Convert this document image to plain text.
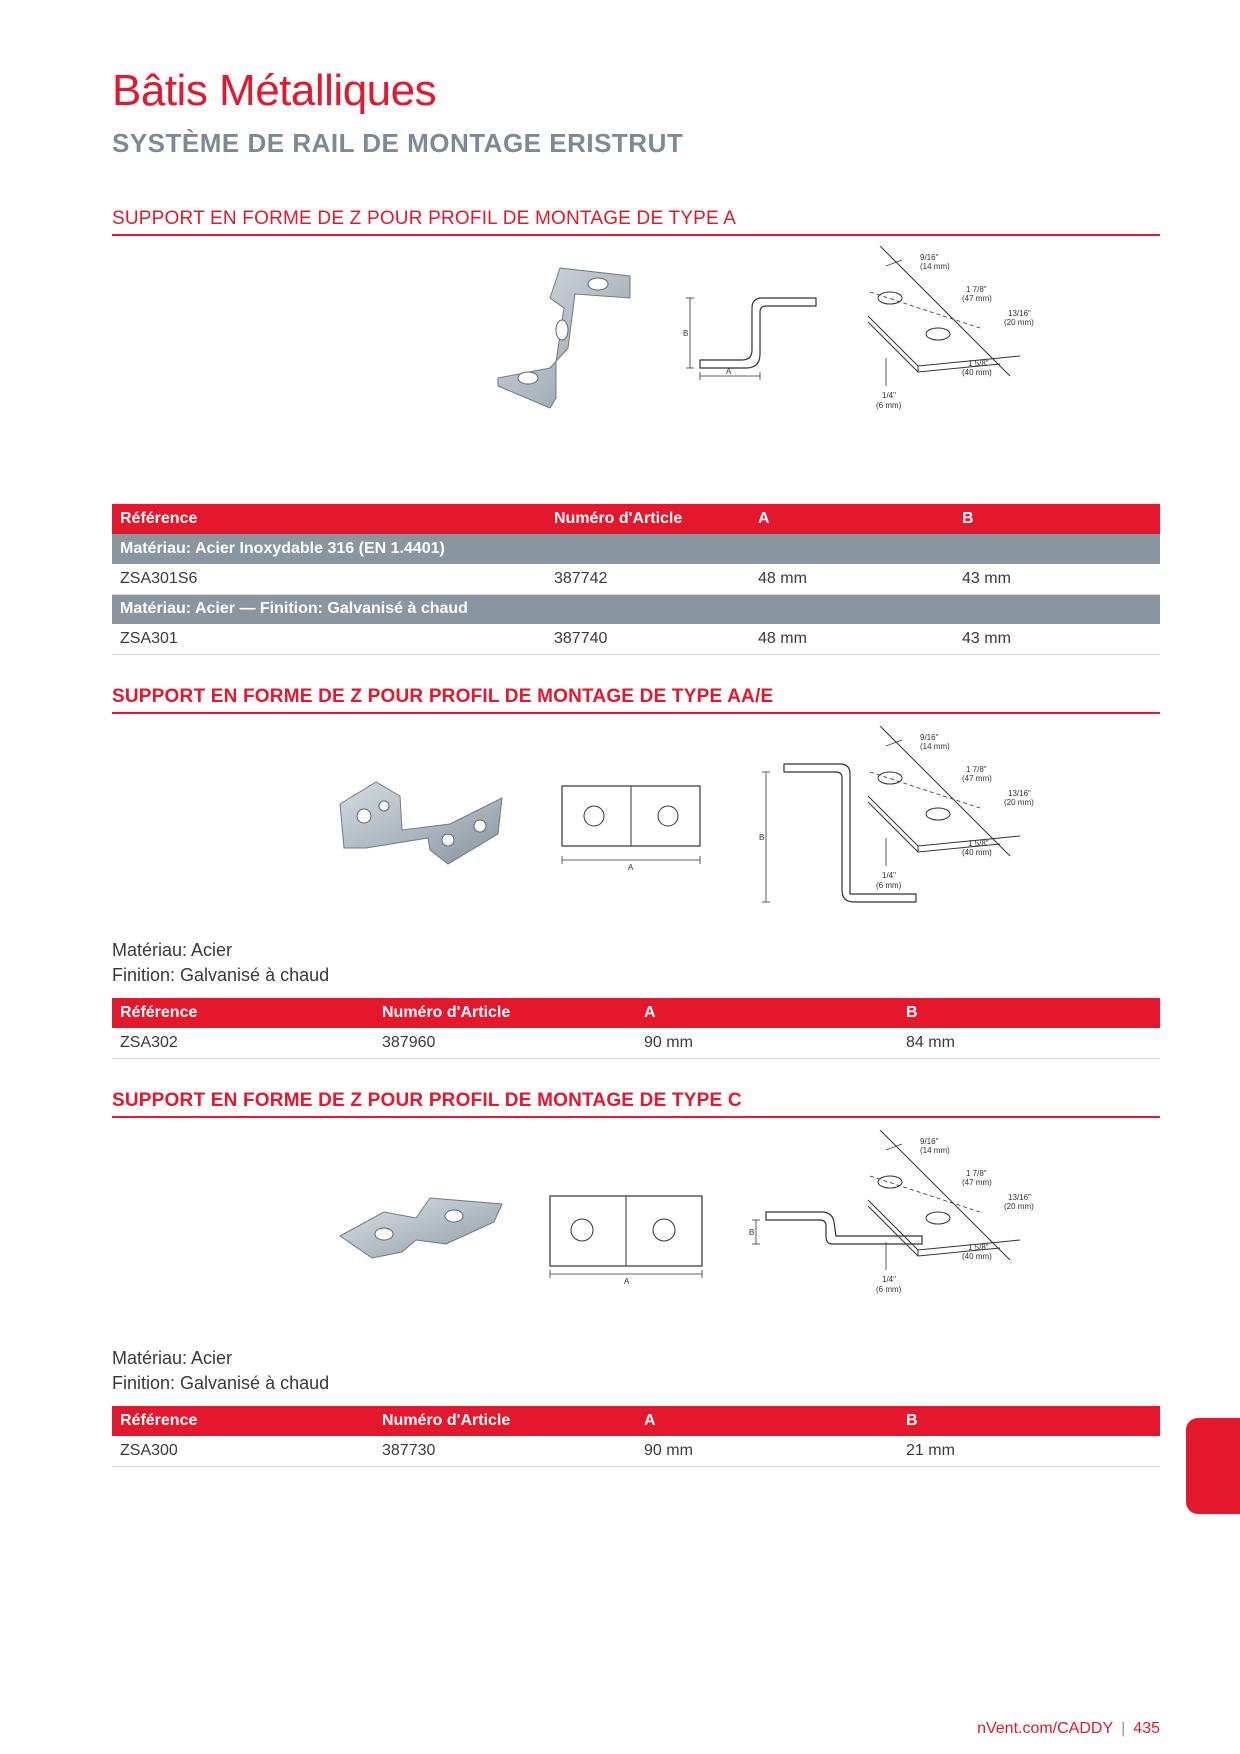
Bâtis Métalliques
SYSTÈME DE RAIL DE MONTAGE ERISTRUT
SUPPORT EN FORME DE Z POUR PROFIL DE MONTAGE DE TYPE A
B
A
9/16"
(14 mm)
1 7/8"
(47 mm)
13/16"
(20 mm)
1 5/8"
(40 mm)
1/4"
(6 mm)
Référence	Numéro d'Article	A	B
Matériau: Acier Inoxydable 316 (EN 1.4401)			
ZSA301S6	387742	48 mm	43 mm
Matériau: Acier — Finition: Galvanisé à chaud			
ZSA301	387740	48 mm	43 mm
SUPPORT EN FORME DE Z POUR PROFIL DE MONTAGE DE TYPE AA/E
A
B
9/16"
(14 mm)
1 7/8"
(47 mm)
13/16"
(20 mm)
1 5/8"
(40 mm)
1/4"
(6 mm)
Matériau: Acier
Finition: Galvanisé à chaud
Référence	Numéro d'Article	A	B
ZSA302	387960	90 mm	84 mm
SUPPORT EN FORME DE Z POUR PROFIL DE MONTAGE DE TYPE C
A
B
9/16"
(14 mm)
1 7/8"
(47 mm)
13/16"
(20 mm)
1 5/8"
(40 mm)
1/4"
(6 mm)
Matériau: Acier
Finition: Galvanisé à chaud
Référence	Numéro d'Article	A	B
ZSA300	387730	90 mm	21 mm
nVent.com/CADDY | 435
